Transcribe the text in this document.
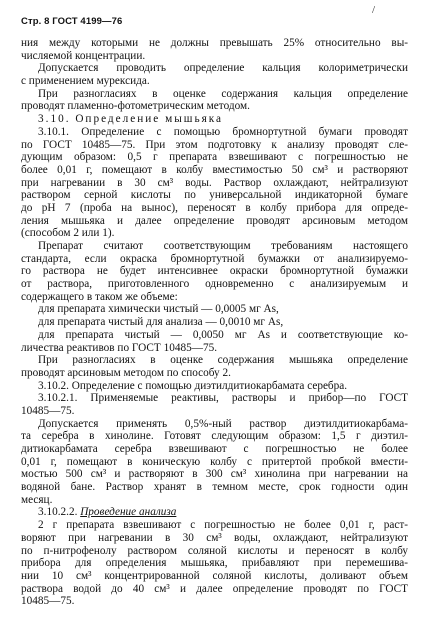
Стр. 8 ГОСТ 4199—76
/
ния между которыми не должны превышать 25% относительно вы-
числяемой концентрации.
Допускается проводить определение кальция колориметрически
с применением мурексида.
При разногласиях в оценке содержания кальция определение
проводят пламенно-фотометрическим методом.
3.10. Определение мышьяка
3.10.1. Определение с помощью бромнортутной бумаги проводят
по ГОСТ 10485—75. При этом подготовку к анализу проводят сле-
дующим образом: 0,5 г препарата взвешивают с погрешностью не
более 0,01 г, помещают в колбу вместимостью 50 см³ и растворяют
при нагревании в 30 см³ воды. Раствор охлаждают, нейтрализуют
раствором серной кислоты по универсальной индикаторной бумаге
до pH 7 (проба на вынос), переносят в колбу прибора для опреде-
ления мышьяка и далее определение проводят арсиновым методом
(способом 2 или 1).
Препарат считают соответствующим требованиям настоящего
стандарта, если окраска бромнортутной бумажки от анализируемо-
го раствора не будет интенсивнее окраски бромнортутной бумажки
от раствора, приготовленного одновременно с анализируемым и
содержащего в таком же объеме:
для препарата химически чистый — 0,0005 мг As,
для препарата чистый для анализа — 0,0010 мг As,
для препарата чистый — 0,0050 мг As и соответствующие ко-
личества реактивов по ГОСТ 10485—75.
При разногласиях в оценке содержания мышьяка определение
проводят арсиновым методом по способу 2.
3.10.2. Определение с помощью диэтилдитиокарбамата серебра.
3.10.2.1. Применяемые реактивы, растворы и прибор—по ГОСТ
10485—75.
Допускается применять 0,5%-ный раствор диэтилдитиокарбама-
та серебра в хинолине. Готовят следующим образом: 1,5 г диэтил-
дитиокарбамата серебра взвешивают с погрешностью не более
0,01 г, помещают в коническую колбу с притертой пробкой вмести-
мостью 500 см³ и растворяют в 300 см³ хинолина при нагревании на
водяной бане. Раствор хранят в темном месте, срок годности один
месяц.
3.10.2.2. Проведение анализа
2 г препарата взвешивают с погрешностью не более 0,01 г, раст-
воряют при нагревании в 30 см³ воды, охлаждают, нейтрализуют
по п-нитрофенолу раствором соляной кислоты и переносят в колбу
прибора для определения мышьяка, прибавляют при перемешива-
нии 10 см³ концентрированной соляной кислоты, доливают объем
раствора водой до 40 см³ и далее определение проводят по ГОСТ
10485—75.
